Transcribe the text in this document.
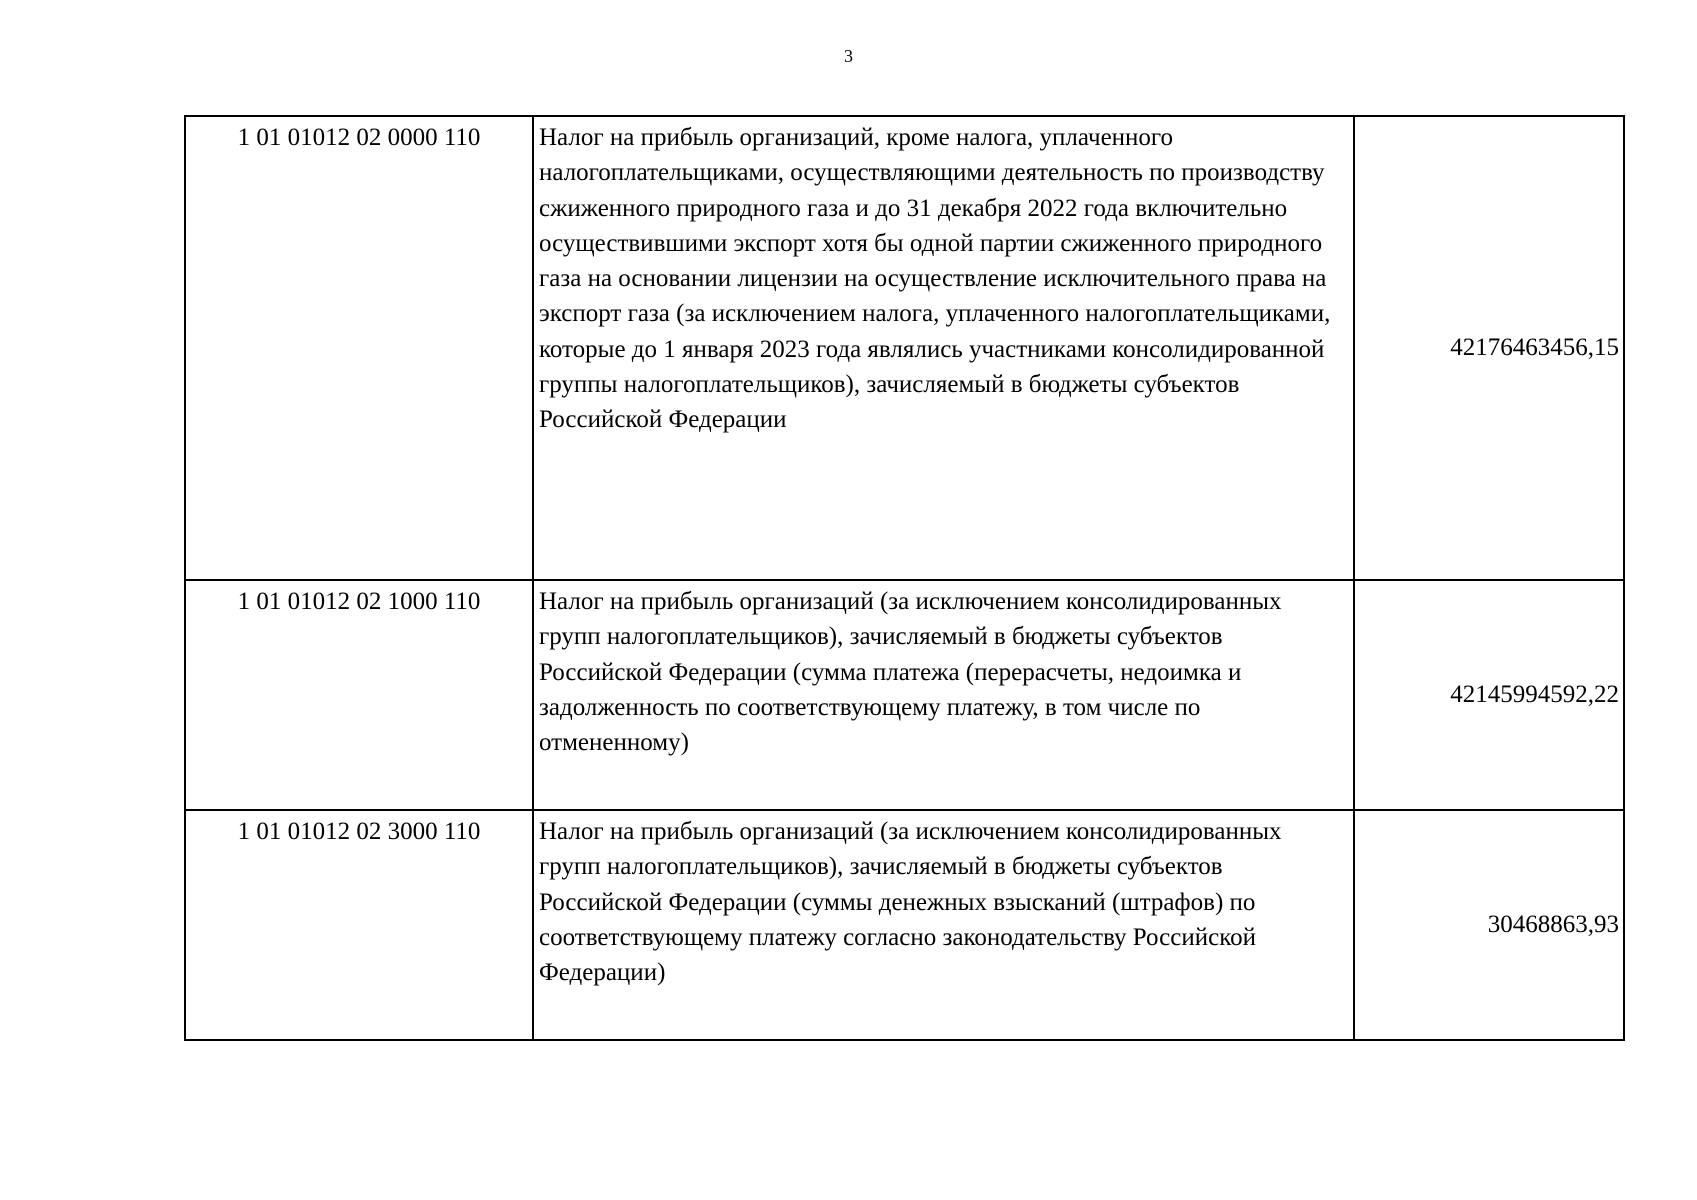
3
1 01 01012 02 0000 110	Налог на прибыль организаций, кроме налога, уплаченного налогоплательщиками, осуществляющими деятельность по производству сжиженного природного газа и до 31 декабря 2022 года включительно осуществившими экспорт хотя бы одной партии сжиженного природного газа на основании лицензии на осуществление исключительного права на экспорт газа (за исключением налога, уплаченного налогоплательщиками, которые до 1 января 2023 года являлись участниками консолидированной группы налогоплательщиков), зачисляемый в бюджеты субъектов Российской Федерации	42176463456,15
1 01 01012 02 1000 110	Налог на прибыль организаций (за исключением консолидированных групп налогоплательщиков), зачисляемый в бюджеты субъектов Российской Федерации (сумма платежа (перерасчеты, недоимка и задолженность по соответствующему платежу, в том числе по отмененному)	42145994592,22
1 01 01012 02 3000 110	Налог на прибыль организаций (за исключением консолидированных групп налогоплательщиков), зачисляемый в бюджеты субъектов Российской Федерации (суммы денежных взысканий (штрафов) по соответствующему платежу согласно законодательству Российской Федерации)	30468863,93
